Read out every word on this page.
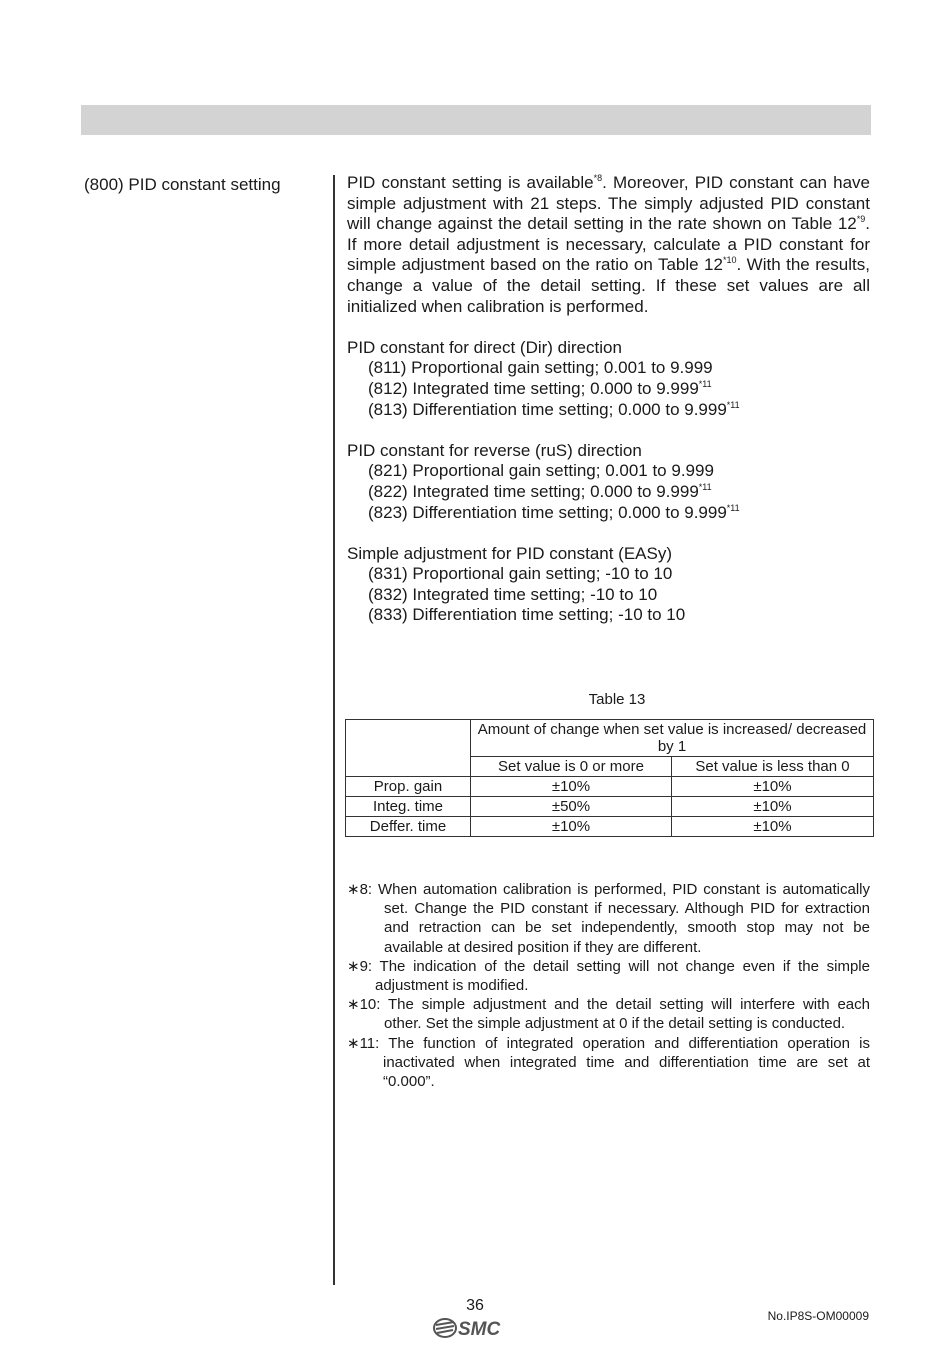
(800) PID constant setting	PID constant setting is available$^{*8}$. Moreover, PID constant can have simple adjustment with 21 steps. The simply adjusted PID constant will change against the detail setting in the rate shown on Table 12$^{*9}$. If more detail adjustment is necessary, calculate a PID constant for simple adjustment based on the ratio on Table 12$^{*10}$. With the results, change a value of the detail setting. If these set values are all initialized when calibration is performed.

PID constant for direct (Dir) direction

(811) Proportional gain setting; 0.001 to 9.999

(812) Integrated time setting; 0.000 to 9.999$^{*11}$

(813) Differentiation time setting; 0.000 to 9.999$^{*11}$

PID constant for reverse (ruS) direction

(821) Proportional gain setting; 0.001 to 9.999

(822) Integrated time setting; 0.000 to 9.999$^{*11}$

(823) Differentiation time setting; 0.000 to 9.999$^{*11}$

Simple adjustment for PID constant (EASy)

(831) Proportional gain setting; -10 to 10

(832) Integrated time setting; -10 to 10

(833) Differentiation time setting; -10 to 10

Table 13
	Amount of change when set value is increased/ decreased by 1	
	Set value is 0 or more	Set value is less than 0
Prop. gain	±10%	±10%
Integ. time	±50%	±10%
Deffer. time	±10%	±10%

∗8: When automation calibration is performed, PID constant is automatically set. Change the PID constant if necessary. Although PID for extraction and retraction can be set independently, smooth stop may not be available at desired position if they are different.

∗9: The indication of the detail setting will not change even if the simple adjustment is modified.

∗10: The simple adjustment and the detail setting will interfere with each other. Set the simple adjustment at 0 if the detail setting is conducted.

∗11: The function of integrated operation and differentiation operation is inactivated when integrated time and differentiation time are set at “0.000”.

36
No.IP8S-OM00009
SMC
